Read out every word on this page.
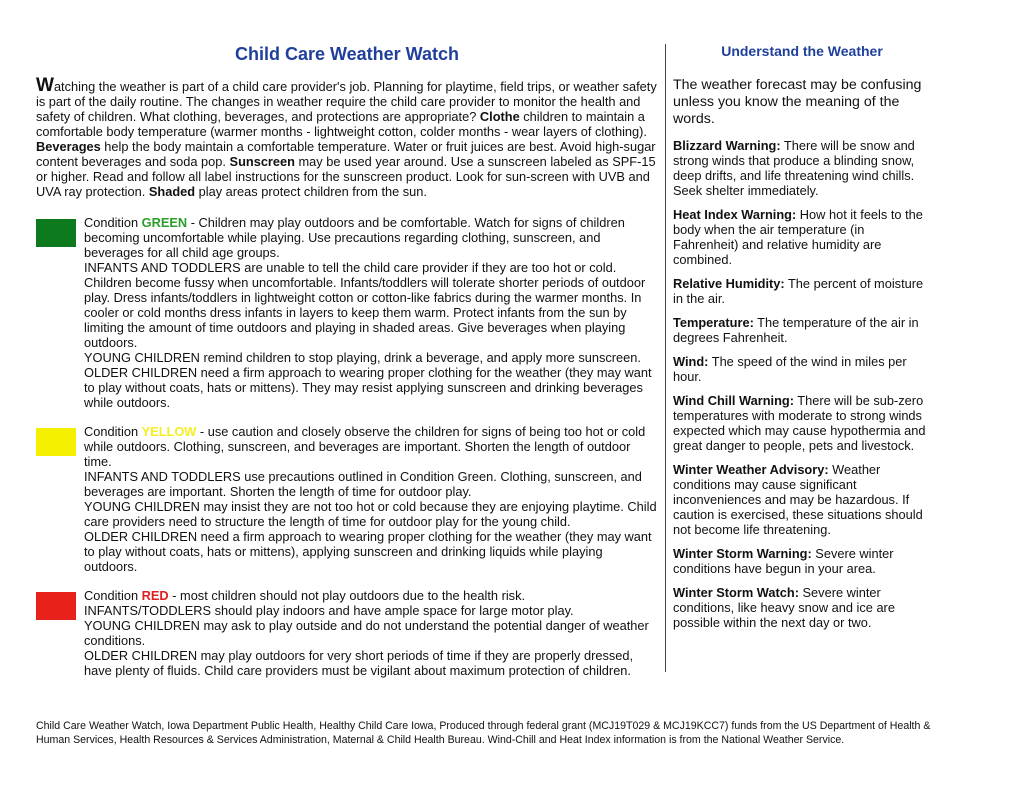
Child Care Weather Watch

Watching the weather is part of a child care provider's job. Planning for playtime, field trips, or weather safety is part of the daily routine. The changes in weather require the child care provider to monitor the health and safety of children. What clothing, beverages, and protections are appropriate? Clothe children to maintain a comfortable body temperature (warmer months - lightweight cotton, colder months - wear layers of clothing). Beverages help the body maintain a comfortable temperature. Water or fruit juices are best. Avoid high-sugar content beverages and soda pop. Sunscreen may be used year around. Use a sunscreen labeled as SPF-15 or higher. Read and follow all label instructions for the sunscreen product. Look for sun-screen with UVB and UVA ray protection. Shaded play areas protect children from the sun.

Condition GREEN - Children may play outdoors and be comfortable. Watch for signs of children becoming uncomfortable while playing. Use precautions regarding clothing, sunscreen, and beverages for all child age groups.

INFANTS AND TODDLERS are unable to tell the child care provider if they are too hot or cold. Children become fussy when uncomfortable. Infants/toddlers will tolerate shorter periods of outdoor play. Dress infants/toddlers in lightweight cotton or cotton-like fabrics during the warmer months. In cooler or cold months dress infants in layers to keep them warm. Protect infants from the sun by limiting the amount of time outdoors and playing in shaded areas. Give beverages when playing outdoors.

YOUNG CHILDREN remind children to stop playing, drink a beverage, and apply more sunscreen.

OLDER CHILDREN need a firm approach to wearing proper clothing for the weather (they may want to play without coats, hats or mittens). They may resist applying sunscreen and drinking beverages while outdoors.

Condition YELLOW - use caution and closely observe the children for signs of being too hot or cold while outdoors. Clothing, sunscreen, and beverages are important. Shorten the length of outdoor time.

INFANTS AND TODDLERS use precautions outlined in Condition Green. Clothing, sunscreen, and beverages are important. Shorten the length of time for outdoor play.

YOUNG CHILDREN may insist they are not too hot or cold because they are enjoying playtime. Child care providers need to structure the length of time for outdoor play for the young child.

OLDER CHILDREN need a firm approach to wearing proper clothing for the weather (they may want to play without coats, hats or mittens), applying sunscreen and drinking liquids while playing outdoors.

Condition RED - most children should not play outdoors due to the health risk.

INFANTS/TODDLERS should play indoors and have ample space for large motor play.

YOUNG CHILDREN may ask to play outside and do not understand the potential danger of weather conditions.

OLDER CHILDREN may play outdoors for very short periods of time if they are properly dressed, have plenty of fluids. Child care providers must be vigilant about maximum protection of children.

Understand the Weather

The weather forecast may be confusing unless you know the meaning of the words.

Blizzard Warning: There will be snow and strong winds that produce a blinding snow, deep drifts, and life threatening wind chills. Seek shelter immediately.

Heat Index Warning: How hot it feels to the body when the air temperature (in Fahrenheit) and relative humidity are combined.

Relative Humidity: The percent of moisture in the air.

Temperature: The temperature of the air in degrees Fahrenheit.

Wind: The speed of the wind in miles per hour.

Wind Chill Warning: There will be sub-zero temperatures with moderate to strong winds expected which may cause hypothermia and great danger to people, pets and livestock.

Winter Weather Advisory: Weather conditions may cause significant inconveniences and may be hazardous. If caution is exercised, these situations should not become life threatening.

Winter Storm Warning: Severe winter conditions have begun in your area.

Winter Storm Watch: Severe winter conditions, like heavy snow and ice are possible within the next day or two.

Child Care Weather Watch, Iowa Department Public Health, Healthy Child Care Iowa, Produced through federal grant (MCJ19T029 & MCJ19KCC7) funds from the US Department of Health & Human Services, Health Resources & Services Administration, Maternal & Child Health Bureau. Wind-Chill and Heat Index information is from the National Weather Service.
